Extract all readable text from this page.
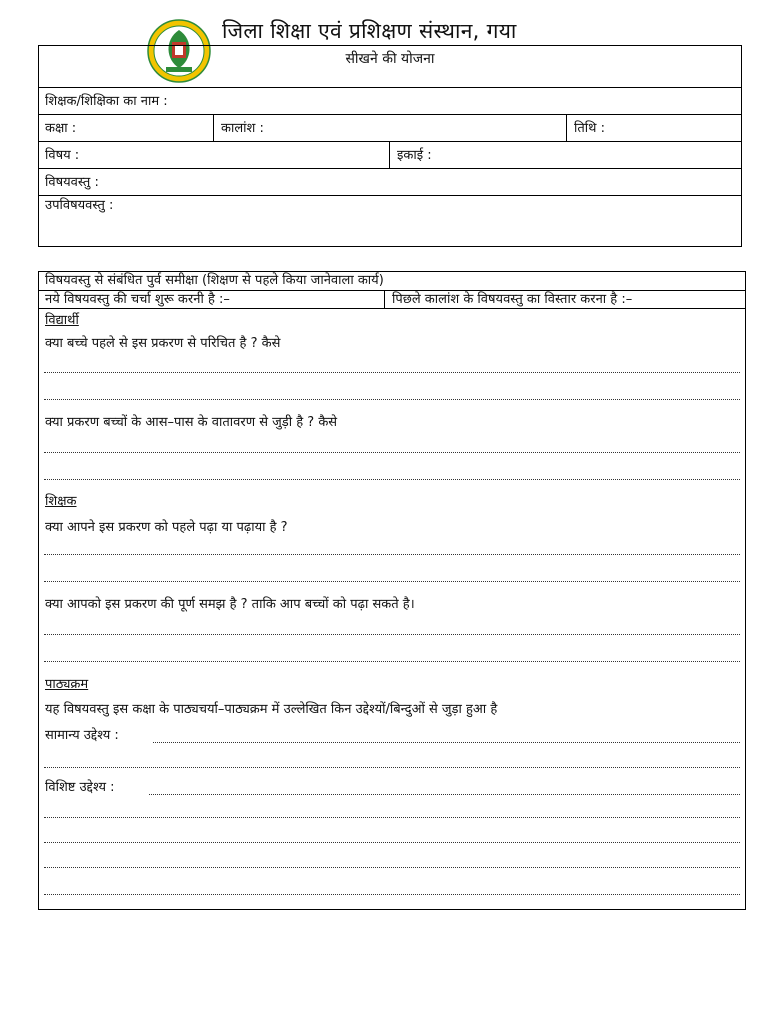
जिला शिक्षा एवं प्रशिक्षण संस्थान, गया
सीखने की योजना
शिक्षक/शिक्षिका का नाम :
कक्षा :	कालांश :	तिथि :
विषय :	इकाई :
विषयवस्तु :
उपविषयवस्तु :
विषयवस्तु से संबंधित पुर्व समीक्षा (शिक्षण से पहले किया जानेवाला कार्य)
नये विषयवस्तु की चर्चा शुरू करनी है :–	पिछले कालांश के विषयवस्तु का विस्तार करना है :–
विद्यार्थी
क्या बच्चे पहले से इस प्रकरण से परिचित है ? कैसे
क्या प्रकरण बच्चों के आस–पास के वातावरण से जुड़ी है ? कैसे
शिक्षक
क्या आपने इस प्रकरण को पहले पढ़ा या पढ़ाया है ?
क्या आपको इस प्रकरण की पूर्ण समझ है ? ताकि आप बच्चों को पढ़ा सकते है।
पाठ्यक्रम
यह विषयवस्तु इस कक्षा के पाठ्यचर्या–पाठ्यक्रम में उल्लेखित किन उद्देश्यों/बिन्दुओं से जुड़ा हुआ है
सामान्य उद्देश्य :
विशिष्ट उद्देश्य :
